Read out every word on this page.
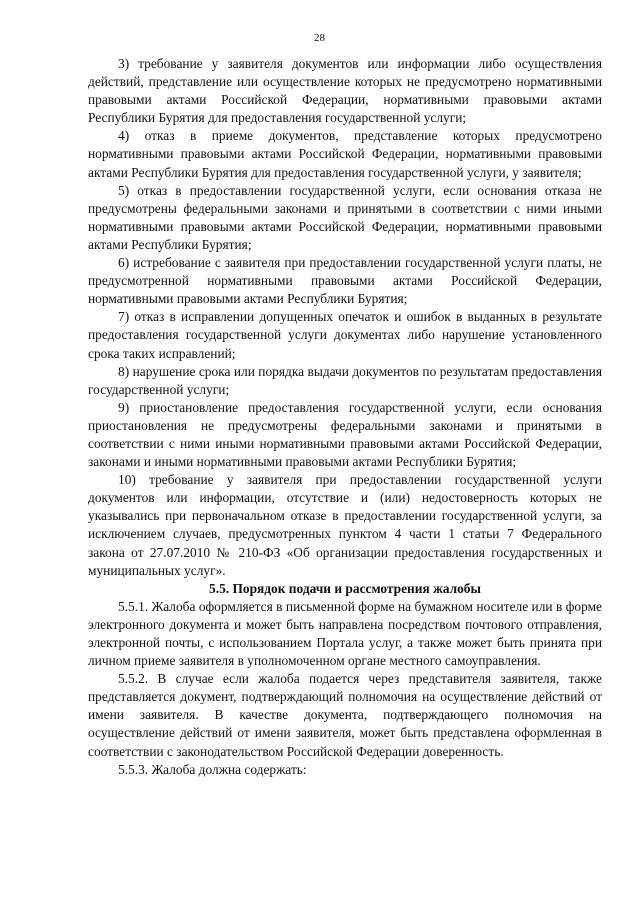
28

3) требование у заявителя документов или информации либо осуществления действий, представление или осуществление которых не предусмотрено нормативными правовыми актами Российской Федерации, нормативными правовыми актами Республики Бурятия для предоставления государственной услуги;

4) отказ в приеме документов, представление которых предусмотрено нормативными правовыми актами Российской Федерации, нормативными правовыми актами Республики Бурятия для предоставления государственной услуги, у заявителя;

5) отказ в предоставлении государственной услуги, если основания отказа не предусмотрены федеральными законами и принятыми в соответствии с ними иными нормативными правовыми актами Российской Федерации, нормативными правовыми актами Республики Бурятия;

6) истребование с заявителя при предоставлении государственной услуги платы, не предусмотренной нормативными правовыми актами Российской Федерации, нормативными правовыми актами Республики Бурятия;

7) отказ в исправлении допущенных опечаток и ошибок в выданных в результате предоставления государственной услуги документах либо нарушение установленного срока таких исправлений;

8) нарушение срока или порядка выдачи документов по результатам предоставления государственной услуги;

9) приостановление предоставления государственной услуги, если основания приостановления не предусмотрены федеральными законами и принятыми в соответствии с ними иными нормативными правовыми актами Российской Федерации, законами и иными нормативными правовыми актами Республики Бурятия;

10) требование у заявителя при предоставлении государственной услуги документов или информации, отсутствие и (или) недостоверность которых не указывались при первоначальном отказе в предоставлении государственной услуги, за исключением случаев, предусмотренных пунктом 4 части 1 статьи 7 Федерального закона от 27.07.2010 № 210-ФЗ «Об организации предоставления государственных и муниципальных услуг».

5.5. Порядок подачи и рассмотрения жалобы

5.5.1. Жалоба оформляется в письменной форме на бумажном носителе или в форме электронного документа и может быть направлена посредством почтового отправления, электронной почты, с использованием Портала услуг, а также может быть принята при личном приеме заявителя в уполномоченном органе местного самоуправления.

5.5.2. В случае если жалоба подается через представителя заявителя, также представляется документ, подтверждающий полномочия на осуществление действий от имени заявителя. В качестве документа, подтверждающего полномочия на осуществление действий от имени заявителя, может быть представлена оформленная в соответствии с законодательством Российской Федерации доверенность.

5.5.3. Жалоба должна содержать:
